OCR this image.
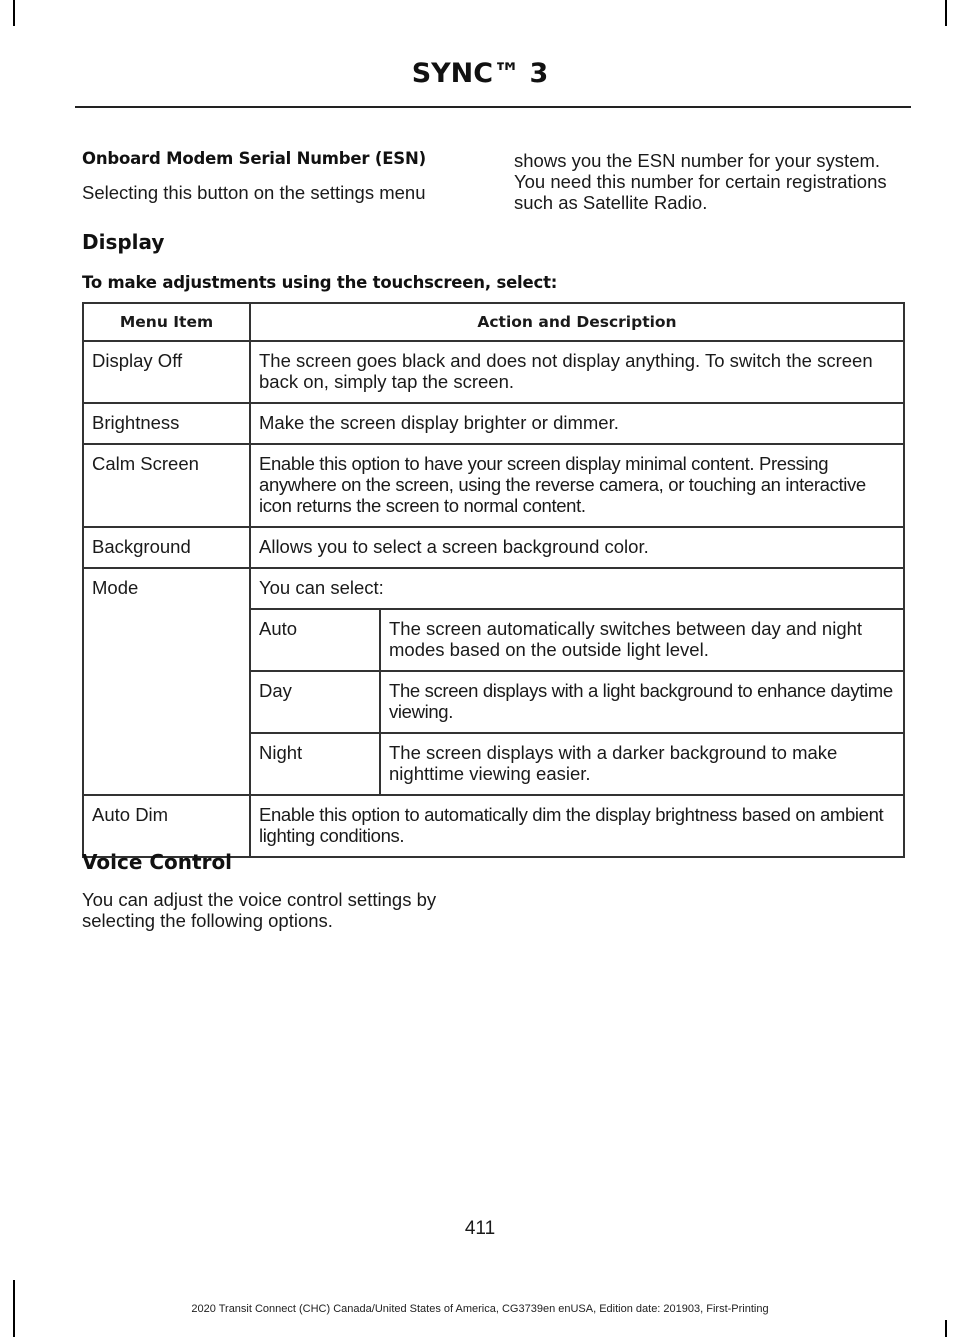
SYNC™ 3
Onboard Modem Serial Number (ESN)
Selecting this button on the settings menu
shows you the ESN number for your system. You need this number for certain registrations such as Satellite Radio.
Display
To make adjustments using the touchscreen, select:
Menu Item	Action and Description
Display Off	The screen goes black and does not display anything. To switch the screen back on, simply tap the screen.
Brightness	Make the screen display brighter or dimmer.
Calm Screen	Enable this option to have your screen display minimal content. Pressing anywhere on the screen, using the reverse camera, or touching an interactive icon returns the screen to normal content.
Background	Allows you to select a screen background color.
Mode	You can select:
Auto	The screen automatically switches between day and night modes based on the outside light level.
Day	The screen displays with a light background to enhance daytime viewing.
Night	The screen displays with a darker background to make nighttime viewing easier.

Auto Dim	Enable this option to automatically dim the display brightness based on ambient lighting conditions.
Voice Control
You can adjust the voice control settings by selecting the following options.
411
2020 Transit Connect (CHC) Canada/United States of America, CG3739en enUSA, Edition date: 201903, First-Printing
